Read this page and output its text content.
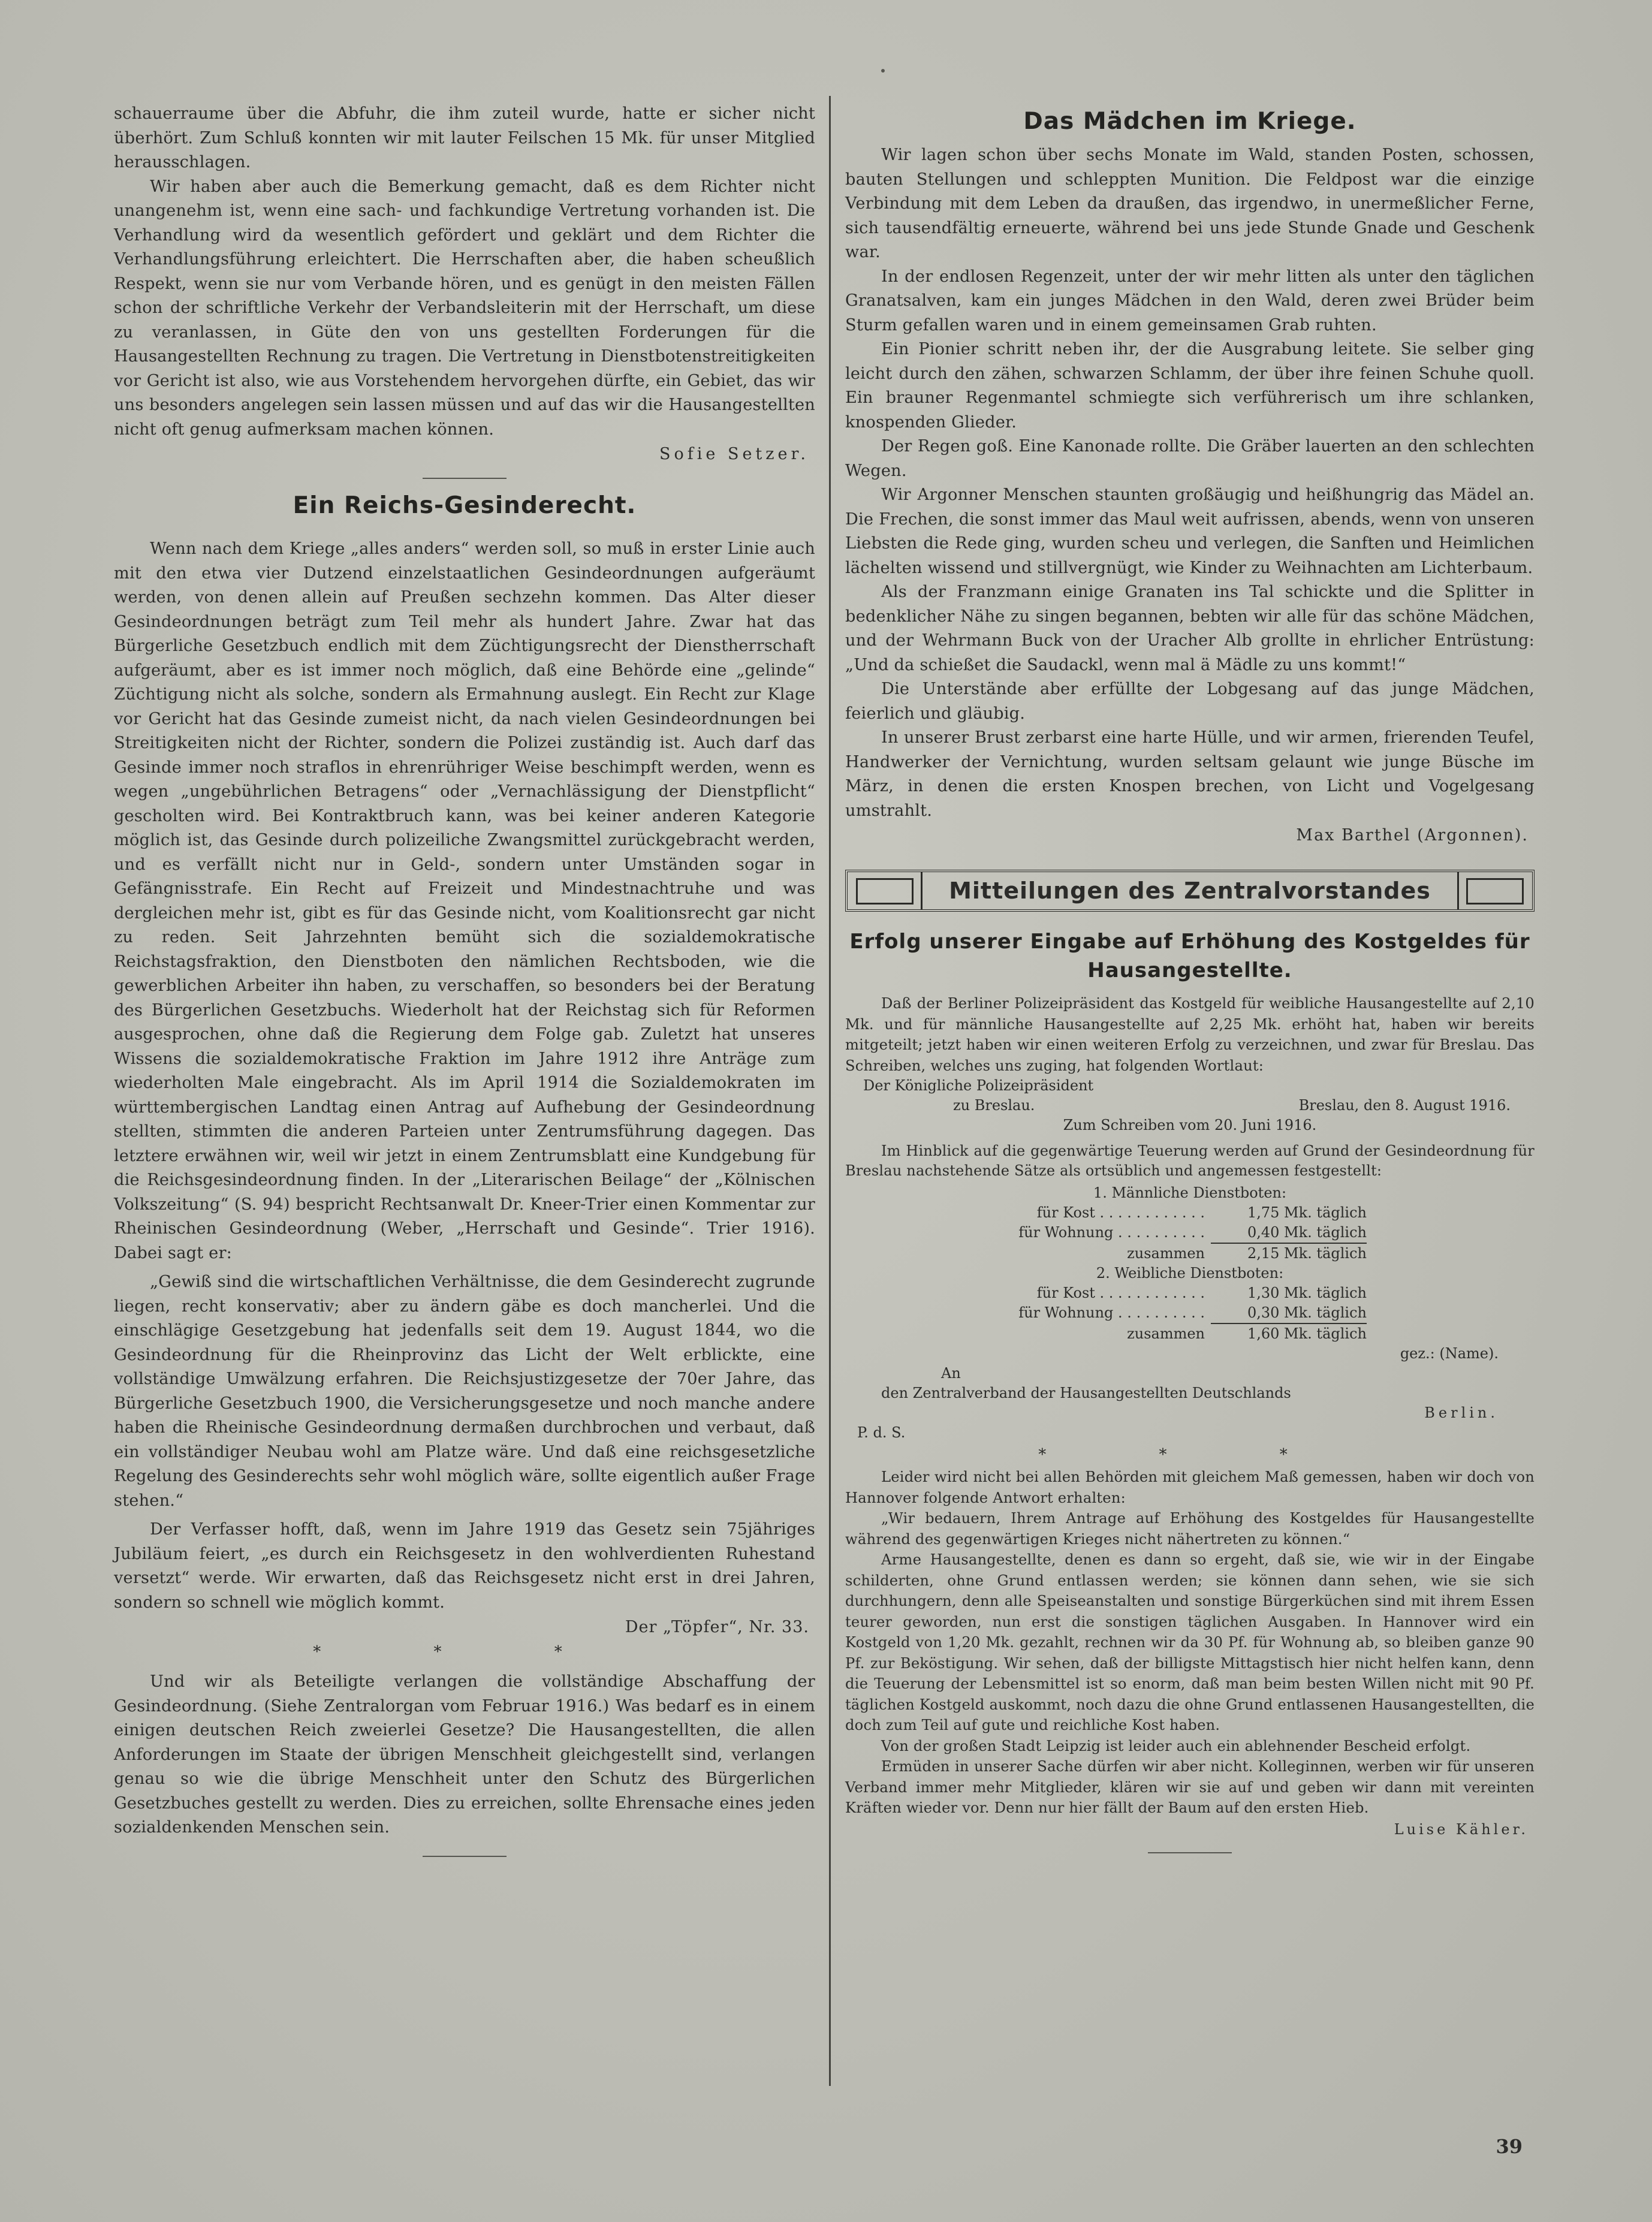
schauerraume über die Abfuhr, die ihm zuteil wurde, hatte er sicher nicht überhört. Zum Schluß konnten wir mit lauter Feilschen 15 Mk. für unser Mitglied herausschlagen.

Wir haben aber auch die Bemerkung gemacht, daß es dem Richter nicht unangenehm ist, wenn eine sach- und fachkundige Vertretung vorhanden ist. Die Verhandlung wird da wesentlich gefördert und geklärt und dem Richter die Verhandlungsführung erleichtert. Die Herrschaften aber, die haben scheußlich Respekt, wenn sie nur vom Verbande hören, und es genügt in den meisten Fällen schon der schriftliche Verkehr der Verbandsleiterin mit der Herrschaft, um diese zu veranlassen, in Güte den von uns gestellten Forderungen für die Hausangestellten Rechnung zu tragen. Die Vertretung in Dienstbotenstreitigkeiten vor Gericht ist also, wie aus Vorstehendem hervorgehen dürfte, ein Gebiet, das wir uns besonders angelegen sein lassen müssen und auf das wir die Hausangestellten nicht oft genug aufmerksam machen können.

Sofie Setzer.
Ein Reichs-Gesinderecht.

Wenn nach dem Kriege „alles anders“ werden soll, so muß in erster Linie auch mit den etwa vier Dutzend einzelstaatlichen Gesindeordnungen aufgeräumt werden, von denen allein auf Preußen sechzehn kommen. Das Alter dieser Gesindeordnungen beträgt zum Teil mehr als hundert Jahre. Zwar hat das Bürgerliche Gesetzbuch endlich mit dem Züchtigungsrecht der Dienstherrschaft aufgeräumt, aber es ist immer noch möglich, daß eine Behörde eine „gelinde“ Züchtigung nicht als solche, sondern als Ermahnung auslegt. Ein Recht zur Klage vor Gericht hat das Gesinde zumeist nicht, da nach vielen Gesindeordnungen bei Streitigkeiten nicht der Richter, sondern die Polizei zuständig ist. Auch darf das Gesinde immer noch straflos in ehrenrühriger Weise beschimpft werden, wenn es wegen „ungebührlichen Betragens“ oder „Vernachlässigung der Dienstpflicht“ gescholten wird. Bei Kontraktbruch kann, was bei keiner anderen Kategorie möglich ist, das Gesinde durch polizeiliche Zwangsmittel zurückgebracht werden, und es verfällt nicht nur in Geld-, sondern unter Umständen sogar in Gefängnisstrafe. Ein Recht auf Freizeit und Mindestnachtruhe und was dergleichen mehr ist, gibt es für das Gesinde nicht, vom Koalitionsrecht gar nicht zu reden. Seit Jahrzehnten bemüht sich die sozialdemokratische Reichstagsfraktion, den Dienstboten den nämlichen Rechtsboden, wie die gewerblichen Arbeiter ihn haben, zu verschaffen, so besonders bei der Beratung des Bürgerlichen Gesetzbuchs. Wiederholt hat der Reichstag sich für Reformen ausgesprochen, ohne daß die Regierung dem Folge gab. Zuletzt hat unseres Wissens die sozialdemokratische Fraktion im Jahre 1912 ihre Anträge zum wiederholten Male eingebracht. Als im April 1914 die Sozialdemokraten im württembergischen Landtag einen Antrag auf Aufhebung der Gesindeordnung stellten, stimmten die anderen Parteien unter Zentrumsführung dagegen. Das letztere erwähnen wir, weil wir jetzt in einem Zentrumsblatt eine Kundgebung für die Reichsgesindeordnung finden. In der „Literarischen Beilage“ der „Kölnischen Volkszeitung“ (S. 94) bespricht Rechtsanwalt Dr. Kneer-Trier einen Kommentar zur Rheinischen Gesindeordnung (Weber, „Herrschaft und Gesinde“. Trier 1916). Dabei sagt er:

„Gewiß sind die wirtschaftlichen Verhältnisse, die dem Gesinderecht zugrunde liegen, recht konservativ; aber zu ändern gäbe es doch mancherlei. Und die einschlägige Gesetzgebung hat jedenfalls seit dem 19. August 1844, wo die Gesindeordnung für die Rheinprovinz das Licht der Welt erblickte, eine vollständige Umwälzung erfahren. Die Reichsjustizgesetze der 70er Jahre, das Bürgerliche Gesetzbuch 1900, die Versicherungsgesetze und noch manche andere haben die Rheinische Gesindeordnung dermaßen durchbrochen und verbaut, daß ein vollständiger Neubau wohl am Platze wäre. Und daß eine reichsgesetzliche Regelung des Gesinderechts sehr wohl möglich wäre, sollte eigentlich außer Frage stehen.“

Der Verfasser hofft, daß, wenn im Jahre 1919 das Gesetz sein 75jähriges Jubiläum feiert, „es durch ein Reichsgesetz in den wohlverdienten Ruhestand versetzt“ werde. Wir erwarten, daß das Reichsgesetz nicht erst in drei Jahren, sondern so schnell wie möglich kommt.

Der „Töpfer“, Nr. 33.
* * *

Und wir als Beteiligte verlangen die vollständige Abschaffung der Gesindeordnung. (Siehe Zentralorgan vom Februar 1916.) Was bedarf es in einem einigen deutschen Reich zweierlei Gesetze? Die Hausangestellten, die allen Anforderungen im Staate der übrigen Menschheit gleichgestellt sind, verlangen genau so wie die übrige Menschheit unter den Schutz des Bürgerlichen Gesetzbuches gestellt zu werden. Dies zu erreichen, sollte Ehrensache eines jeden sozialdenkenden Menschen sein.

Das Mädchen im Kriege.

Wir lagen schon über sechs Monate im Wald, standen Posten, schossen, bauten Stellungen und schleppten Munition. Die Feldpost war die einzige Verbindung mit dem Leben da draußen, das irgendwo, in unermeßlicher Ferne, sich tausendfältig erneuerte, während bei uns jede Stunde Gnade und Geschenk war.

In der endlosen Regenzeit, unter der wir mehr litten als unter den täglichen Granatsalven, kam ein junges Mädchen in den Wald, deren zwei Brüder beim Sturm gefallen waren und in einem gemeinsamen Grab ruhten.

Ein Pionier schritt neben ihr, der die Ausgrabung leitete. Sie selber ging leicht durch den zähen, schwarzen Schlamm, der über ihre feinen Schuhe quoll. Ein brauner Regenmantel schmiegte sich verführerisch um ihre schlanken, knospenden Glieder.

Der Regen goß. Eine Kanonade rollte. Die Gräber lauerten an den schlechten Wegen.

Wir Argonner Menschen staunten großäugig und heißhungrig das Mädel an. Die Frechen, die sonst immer das Maul weit aufrissen, abends, wenn von unseren Liebsten die Rede ging, wurden scheu und verlegen, die Sanften und Heimlichen lächelten wissend und stillvergnügt, wie Kinder zu Weihnachten am Lichterbaum.

Als der Franzmann einige Granaten ins Tal schickte und die Splitter in bedenklicher Nähe zu singen begannen, bebten wir alle für das schöne Mädchen, und der Wehrmann Buck von der Uracher Alb grollte in ehrlicher Entrüstung: „Und da schießet die Saudackl, wenn mal ä Mädle zu uns kommt!“

Die Unterstände aber erfüllte der Lobgesang auf das junge Mädchen, feierlich und gläubig.

In unserer Brust zerbarst eine harte Hülle, und wir armen, frierenden Teufel, Handwerker der Vernichtung, wurden seltsam gelaunt wie junge Büsche im März, in denen die ersten Knospen brechen, von Licht und Vogelgesang umstrahlt.

Max Barthel (Argonnen).
Mitteilungen des Zentralvorstandes
Erfolg unserer Eingabe auf Erhöhung des Kostgeldes für Hausangestellte.

Daß der Berliner Polizeipräsident das Kostgeld für weibliche Hausangestellte auf 2,10 Mk. und für männliche Hausangestellte auf 2,25 Mk. erhöht hat, haben wir bereits mitgeteilt; jetzt haben wir einen weiteren Erfolg zu verzeichnen, und zwar für Breslau. Das Schreiben, welches uns zuging, hat folgenden Wortlaut:

Der Königliche Polizeipräsident
zu Breslau.	Breslau, den 8. August 1916.
Zum Schreiben vom 20. Juni 1916.

Im Hinblick auf die gegenwärtige Teuerung werden auf Grund der Gesindeordnung für Breslau nachstehende Sätze als ortsüblich und angemessen festgestellt:

1. Männliche Dienstboten:
für Kost . . . . . . . . . . . .	1,75 Mk. täglich
für Wohnung . . . . . . . . . .	0,40 Mk. täglich
zusammen	2,15 Mk. täglich
2. Weibliche Dienstboten:
für Kost . . . . . . . . . . . .	1,30 Mk. täglich
für Wohnung . . . . . . . . . .	0,30 Mk. täglich
zusammen	1,60 Mk. täglich
gez.: (Name).
An
den Zentralverband der Hausangestellten Deutschlands
Berlin.
P. d. S.
* * *

Leider wird nicht bei allen Behörden mit gleichem Maß gemessen, haben wir doch von Hannover folgende Antwort erhalten:

„Wir bedauern, Ihrem Antrage auf Erhöhung des Kostgeldes für Hausangestellte während des gegenwärtigen Krieges nicht nähertreten zu können.“

Arme Hausangestellte, denen es dann so ergeht, daß sie, wie wir in der Eingabe schilderten, ohne Grund entlassen werden; sie können dann sehen, wie sie sich durchhungern, denn alle Speiseanstalten und sonstige Bürgerküchen sind mit ihrem Essen teurer geworden, nun erst die sonstigen täglichen Ausgaben. In Hannover wird ein Kostgeld von 1,20 Mk. gezahlt, rechnen wir da 30 Pf. für Wohnung ab, so bleiben ganze 90 Pf. zur Beköstigung. Wir sehen, daß der billigste Mittagstisch hier nicht helfen kann, denn die Teuerung der Lebensmittel ist so enorm, daß man beim besten Willen nicht mit 90 Pf. täglichen Kostgeld auskommt, noch dazu die ohne Grund entlassenen Hausangestellten, die doch zum Teil auf gute und reichliche Kost haben.

Von der großen Stadt Leipzig ist leider auch ein ablehnender Bescheid erfolgt.

Ermüden in unserer Sache dürfen wir aber nicht. Kolleginnen, werben wir für unseren Verband immer mehr Mitglieder, klären wir sie auf und geben wir dann mit vereinten Kräften wieder vor. Denn nur hier fällt der Baum auf den ersten Hieb.

Luise Kähler.
39
